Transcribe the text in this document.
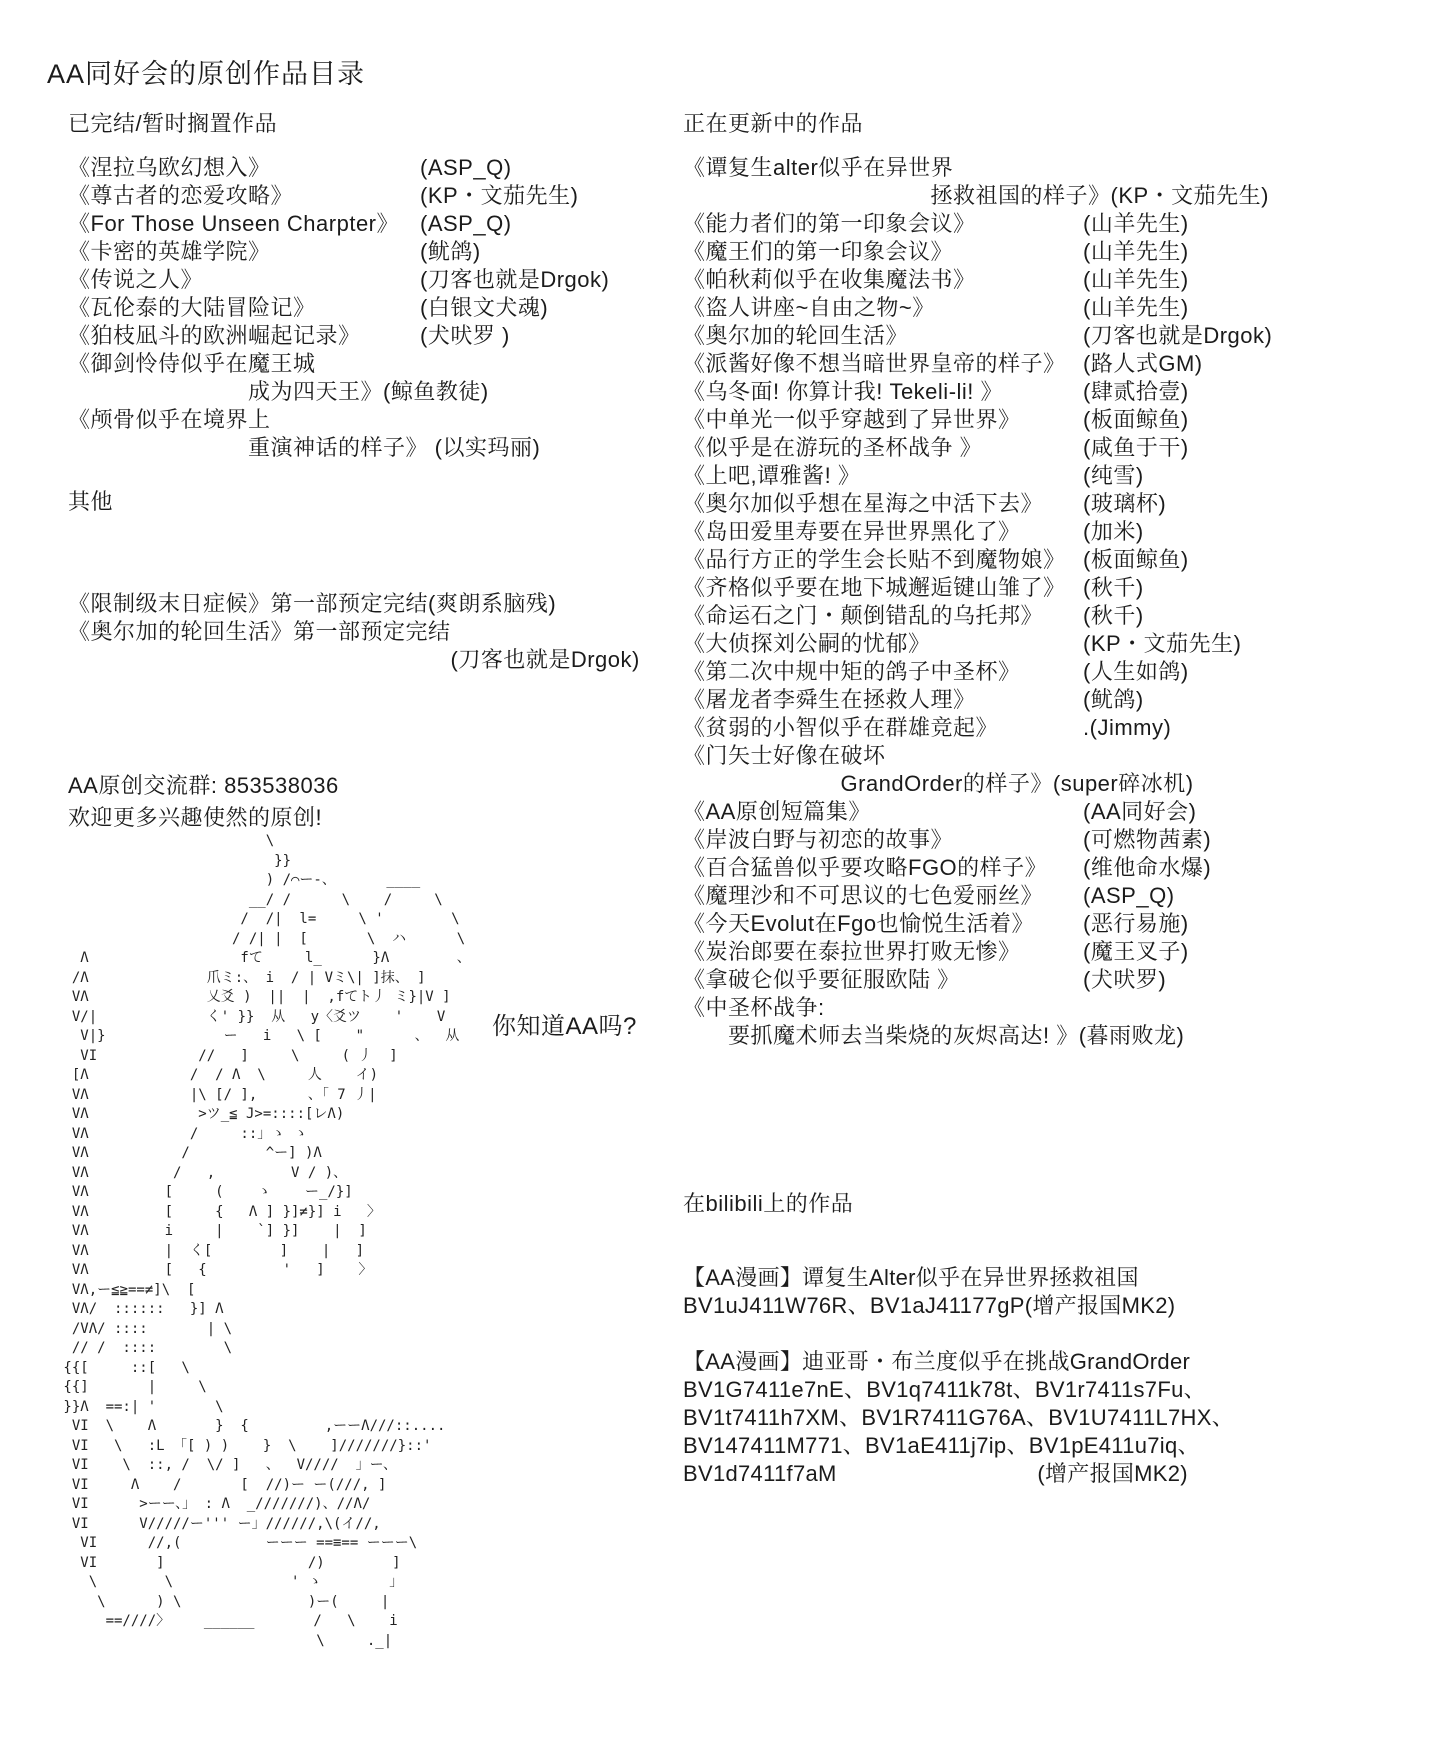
AA同好会的原创作品目录
已完结/暂时搁置作品
《涅拉乌欧幻想入》	(ASP_Q)
《尊古者的恋爱攻略》	(KP・文茄先生)
《For Those Unseen Charpter》 (ASP_Q)
《卡密的英雄学院》	(鱿鸽)
《传说之人》	(刀客也就是Drgok)
《瓦伦泰的大陆冒险记》	(白银文犬魂)
《狛枝凪斗的欧洲崛起记录》	(犬吠罗 )
《御剑怜侍似乎在魔王城
　　　　　　　　成为四天王》(鲸鱼教徒)
《颅骨似乎在境界上
　　　　　　　　重演神话的样子》 (以实玛丽)
其他
《限制级末日症候》第一部预定完结(爽朗系脑残)
《奥尔加的轮回生活》第一部预定完结
　　　　　　　　　　　　　　　　　(刀客也就是Drgok)
AA原创交流群: 853538036
欢迎更多兴趣使然的原创!
正在更新中的作品
《谭复生alter似乎在异世界
　　　　　　　　　　　拯救祖国的样子》(KP・文茄先生)
《能力者们的第一印象会议》	(山羊先生)
《魔王们的第一印象会议》	(山羊先生)
《帕秋莉似乎在收集魔法书》	(山羊先生)
《盗人讲座~自由之物~》	(山羊先生)
《奥尔加的轮回生活》	(刀客也就是Drgok)
《派酱好像不想当暗世界皇帝的样子》 (路人式GM)
《乌冬面! 你算计我! Tekeli-li! 》	(肆贰拾壹)
《中单光一似乎穿越到了异世界》	(板面鲸鱼)
《似乎是在游玩的圣杯战争 》	(咸鱼于干)
《上吧,谭雅酱! 》	(纯雪)
《奥尔加似乎想在星海之中活下去》	(玻璃杯)
《岛田爱里寿要在异世界黑化了》	(加米)
《品行方正的学生会长贴不到魔物娘》 (板面鲸鱼)
《齐格似乎要在地下城邂逅键山雏了》 (秋千)
《命运石之门・颠倒错乱的乌托邦》	(秋千)
《大侦探刘公嗣的忧郁》	(KP・文茄先生)
《第二次中规中矩的鸽子中圣杯》	(人生如鸽)
《屠龙者李舜生在拯救人理》	(鱿鸽)
《贫弱的小智似乎在群雄竞起》	.(Jimmy)
《门矢士好像在破坏
　　　　　　　GrandOrder的样子》(super碎冰机)
《AA原创短篇集》	(AA同好会)
《岸波白野与初恋的故事》	(可燃物茜素)
《百合猛兽似乎要攻略FGO的样子》	(维他命水爆)
《魔理沙和不可思议的七色爱丽丝》	(ASP_Q)
《今天Evolut在Fgo也愉悦生活着》	(恶行易施)
《炭治郎要在泰拉世界打败无惨》	(魔王叉子)
《拿破仑似乎要征服欧陆 》	(犬吠罗)
《中圣杯战争:
　　要抓魔术师去当柴烧的灰烬高达! 》(暮雨败龙)
在bilibili上的作品
【AA漫画】谭复生Alter似乎在异世界拯救祖国
BV1uJ411W76R、BV1aJ41177gP(增产报国MK2)
【AA漫画】迪亚哥・布兰度似乎在挑战GrandOrder
BV1G7411e7nE、BV1q7411k78t、BV1r7411s7Fu、
BV1t7411h7XM、BV1R7411G76A、BV1U7411L7HX、
BV147411M771、BV1aE411j7ip、BV1pE411u7iq、
BV1d7411f7aM　　　　　　　　　(增产报国MK2)
\
}}
) /⌒ー-、      ____
__/ /      \    /     \
/  /|  l=     \ '        \
/ /| |  [       \  ハ      \
Λ                  fて     l_      }Λ        、
/Λ              爪ミ:、 i  / | Vミ\| ]抹、 ]
VΛ              乂爻 )  ||  |  ,fてト丿 ミ}|V ]
V/|             く' }}  从   y〈爻ツ    '    V
V|}              ー   i   \ [    "      、  从
VI            //   ]     \     ( 丿  ]
[Λ            /  / Λ  \     人    イ)
VΛ            |\ [/ ],      、「 7 丿|
VΛ             >ツ_≦ J>=::::[レΛ)
VΛ            /     ::」ゝ ゝ
VΛ           /         ^ー] )Λ
VΛ          /   ,         V / )、
VΛ         [     (    ゝ    ー_/}]
VΛ         [     {   Λ ] }]≠}] i   〉
VΛ         i     |    `] }]    |  ]
VΛ         |  く[        ]    |   ]
VΛ         [   {         '   ]    〉
VΛ,ー≦≧==≠]\  [
VΛ/  ::::::   }] Λ
/VΛ/ ::::       | \
// /  ::::        \
{{[     ::[   \
{{]       |     \
}}Λ  ==:| '       \
VI  \    Λ       }  {         ,ーーΛ///::....
VI   \   :L 「[ ) )    }  \    ]///////}::'
VI    \  ::, /  \/ ]   、  V////  」ー、
VI     Λ    /       [  //)ー ー(///, ]
VI      >ーー、」 : Λ  _///////)、//Λ/
VI      V/////ー''' ー」//////,\(イ//,
VI      //,(          ーーー ==≡== ーーー\
VI       ]                 /)        ]
\        \              ' ゝ        」
\      ) \               )ー(     |
==////〉    ______       /   \    i
\     ._|
你知道AA吗?
